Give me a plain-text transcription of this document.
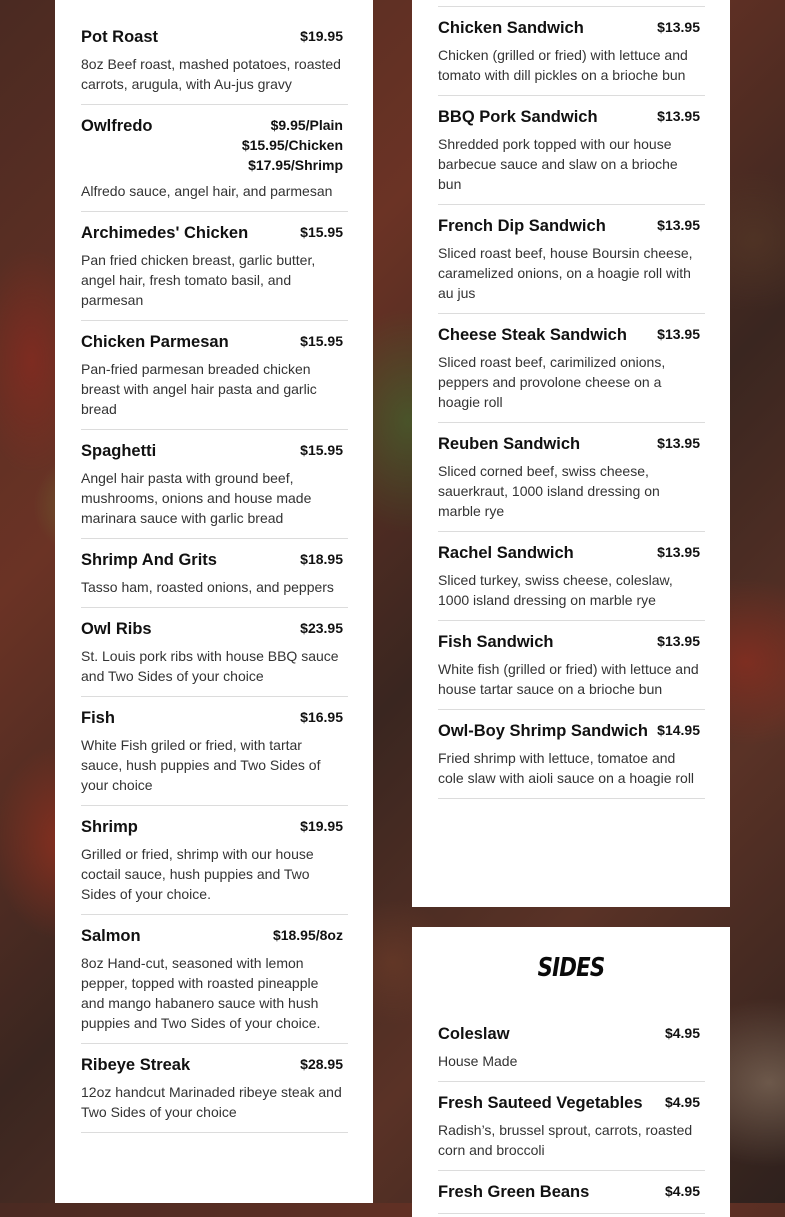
Pot Roast	$19.95
8oz Beef roast, mashed potatoes, roasted carrots, arugula, with Au-jus gravy
Owlfredo	$9.95/Plain
$15.95/Chicken
$17.95/Shrimp
Alfredo sauce, angel hair, and parmesan
Archimedes' Chicken	$15.95
Pan fried chicken breast, garlic butter, angel hair, fresh tomato basil, and parmesan
Chicken Parmesan	$15.95
Pan-fried parmesan breaded chicken breast with angel hair pasta and garlic bread
Spaghetti	$15.95
Angel hair pasta with ground beef, mushrooms, onions and house made marinara sauce with garlic bread
Shrimp And Grits	$18.95
Tasso ham, roasted onions, and peppers
Owl Ribs	$23.95
St. Louis pork ribs with house BBQ sauce and Two Sides of your choice
Fish	$16.95
White Fish griled or fried, with tartar sauce, hush puppies and Two Sides of your choice
Shrimp	$19.95
Grilled or fried, shrimp with our house coctail sauce, hush puppies and Two Sides of your choice.
Salmon	$18.95/8oz
8oz Hand-cut, seasoned with lemon pepper, topped with roasted pineapple and mango habanero sauce with hush puppies and Two Sides of your choice.
Ribeye Streak	$28.95
12oz handcut Marinaded ribeye steak and Two Sides of your choice
Chicken Sandwich	$13.95
Chicken (grilled or fried) with lettuce and tomato with dill pickles on a brioche bun
BBQ Pork Sandwich	$13.95
Shredded pork topped with our house barbecue sauce and slaw on a brioche bun
French Dip Sandwich	$13.95
Sliced roast beef, house Boursin cheese, caramelized onions, on a hoagie roll with au jus
Cheese Steak Sandwich $13.95
Sliced roast beef, carimilized onions, peppers and provolone cheese on a hoagie roll
Reuben Sandwich	$13.95
Sliced corned beef, swiss cheese, sauerkraut, 1000 island dressing on marble rye
Rachel Sandwich	$13.95
Sliced turkey, swiss cheese, coleslaw, 1000 island dressing on marble rye
Fish Sandwich	$13.95
White fish (grilled or fried) with lettuce and house tartar sauce on a brioche bun
Owl-Boy Shrimp Sandwich $14.95
Fried shrimp with lettuce, tomatoe and cole slaw with aioli sauce on a hoagie roll
SIDES
Coleslaw	$4.95
House Made
Fresh Sauteed Vegetables $4.95
Radish’s, brussel sprout, carrots, roasted corn and broccoli
Fresh Green Beans	$4.95
